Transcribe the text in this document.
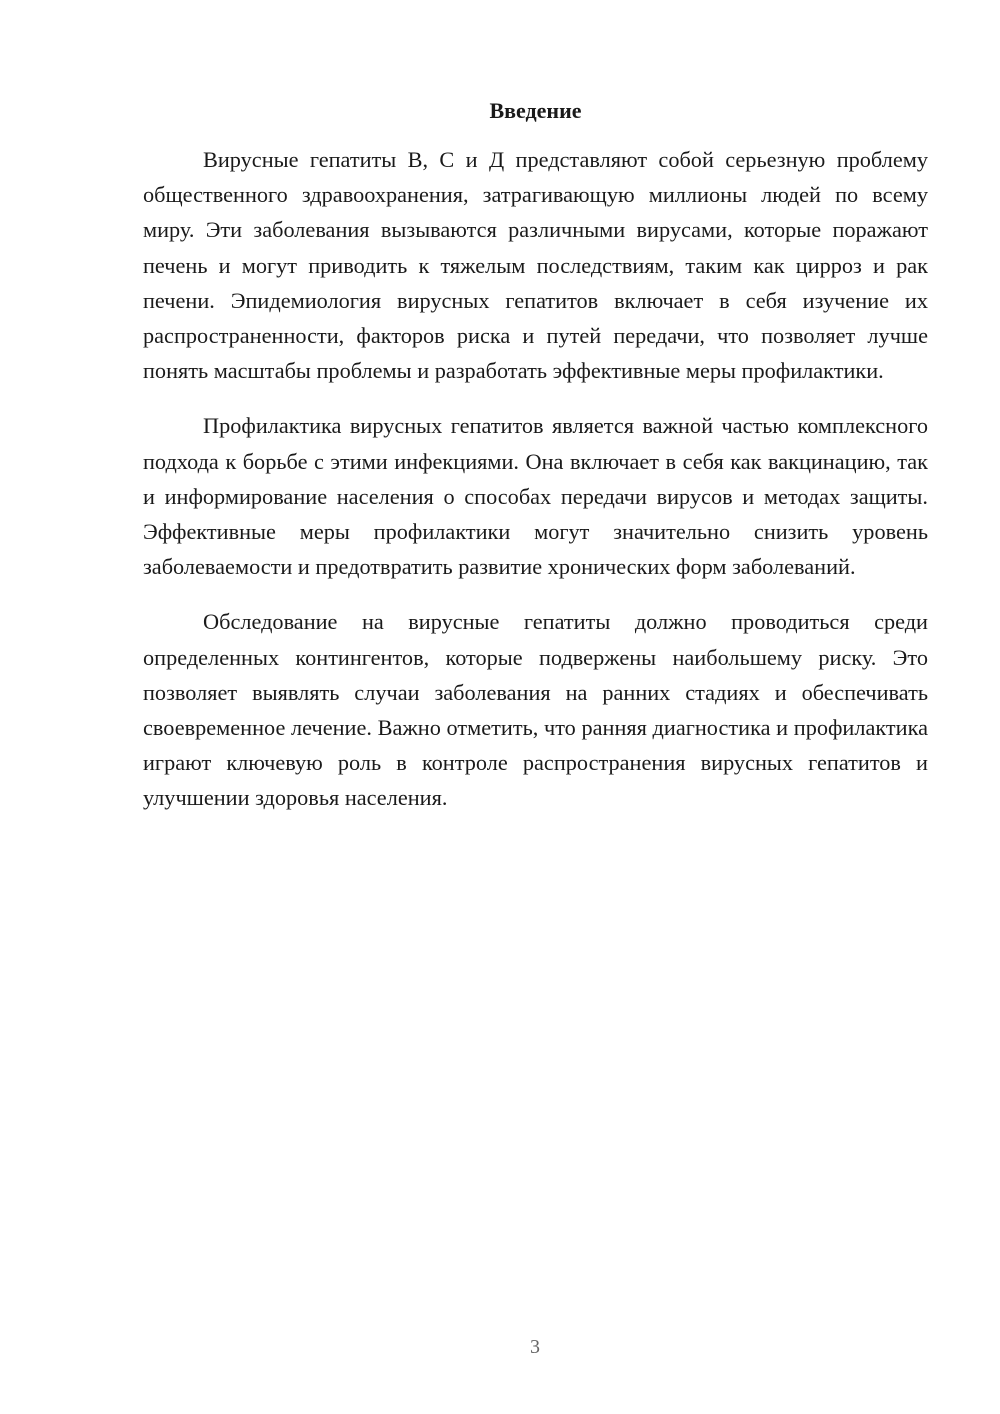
Введение

Вирусные гепатиты В, С и Д представляют собой серьезную проблему общественного здравоохранения, затрагивающую миллионы людей по всему миру. Эти заболевания вызываются различными вирусами, которые поражают печень и могут приводить к тяжелым последствиям, таким как цирроз и рак печени. Эпидемиология вирусных гепатитов включает в себя изучение их распространенности, факторов риска и путей передачи, что позволяет лучше понять масштабы проблемы и разработать эффективные меры профилактики.

Профилактика вирусных гепатитов является важной частью комплексного подхода к борьбе с этими инфекциями. Она включает в себя как вакцинацию, так и информирование населения о способах передачи вирусов и методах защиты. Эффективные меры профилактики могут значительно снизить уровень заболеваемости и предотвратить развитие хронических форм заболеваний.

Обследование на вирусные гепатиты должно проводиться среди определенных контингентов, которые подвержены наибольшему риску. Это позволяет выявлять случаи заболевания на ранних стадиях и обеспечивать своевременное лечение. Важно отметить, что ранняя диагностика и профилактика играют ключевую роль в контроле распространения вирусных гепатитов и улучшении здоровья населения.

3
